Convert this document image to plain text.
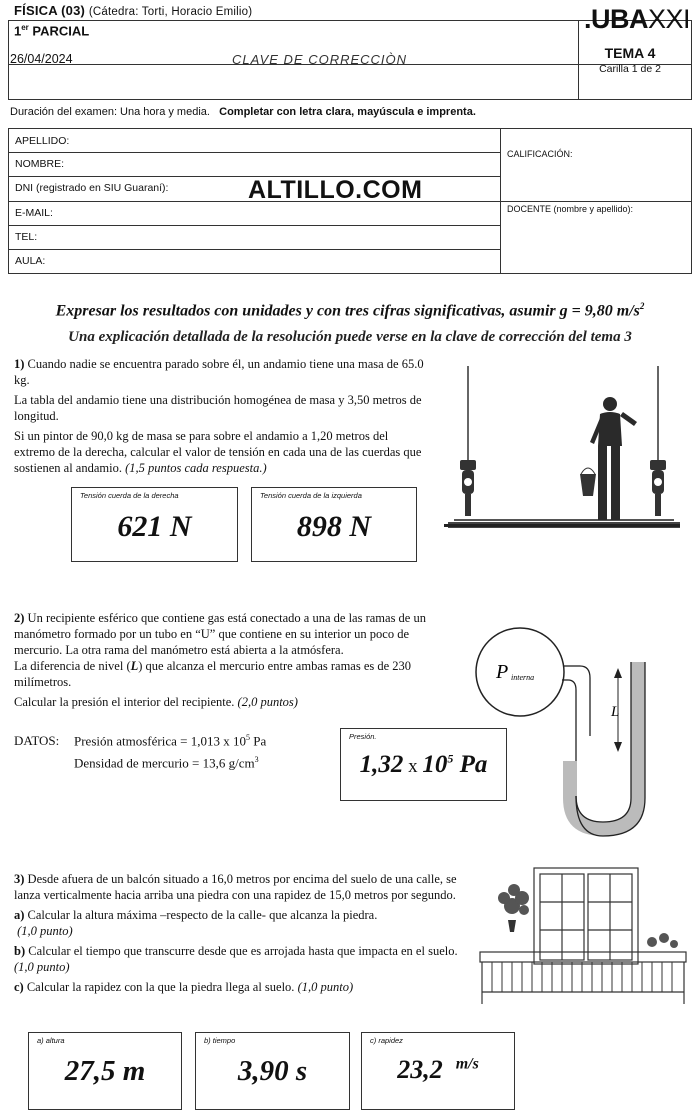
FÍSICA (03) (Cátedra: Torti, Horacio Emilio)
1er PARCIAL	.UBAXXI
26/04/2024	CLAVE DE CORRECCIÒN	TEMA 4
Carilla 1 de 2
Duración del examen: Una hora y media. Completar con letra clara, mayúscula e imprenta.
APELLIDO:
NOMBRE:
DNI (registrado en SIU Guaraní):
E-MAIL:
TEL:
AULA:
CALIFICACIÓN:
DOCENTE (nombre y apellido):
ALTILLO.COM
Expresar los resultados con unidades y con tres cifras significativas, asumir g = 9,80 $m/s^2$
Una explicación detallada de la resolución puede verse en la clave de corrección del tema 3

1) Cuando nadie se encuentra parado sobre él, un andamio tiene una masa de 65.0 kg.

La tabla del andamio tiene una distribución homogénea de masa y 3,50 metros de longitud.

Si un pintor de 90,0 kg de masa se para sobre el andamio a 1,20 metros del extremo de la derecha, calcular el valor de tensión en cada una de las cuerdas que sostienen al andamio. (1,5 puntos cada respuesta.)

Tensión cuerda de la derecha
621 N
Tensión cuerda de la izquierda
898 N

2) Un recipiente esférico que contiene gas está conectado a una de las ramas de un manómetro formado por un tubo en “U” que contiene en su interior un poco de mercurio. La otra rama del manómetro está abierta a la atmósfera.

La diferencia de nivel (L) que alcanza el mercurio entre ambas ramas es de 230 milímetros.

Calcular la presión el interior del recipiente. (2,0 puntos)

DATOS: Presión atmosférica = 1,013 x $10^5$ Pa
Densidad de mercurio = 13,6 $g/cm^3$
Presión.
1,32 x $10^5$ Pa
P interna
L

3) Desde afuera de un balcón situado a 16,0 metros por encima del suelo de una calle, se lanza verticalmente hacia arriba una piedra con una rapidez de 15,0 metros por segundo.

a) Calcular la altura máxima –respecto de la calle- que alcanza la piedra.
(1,0 punto)

b) Calcular el tiempo que transcurre desde que es arrojada hasta que impacta en el suelo. (1,0 punto)

c) Calcular la rapidez con la que la piedra llega al suelo. (1,0 punto)

a) altura
27,5 m
b) tiempo
3,90 s
c) rapidez
23,2 $^{m/s}$
